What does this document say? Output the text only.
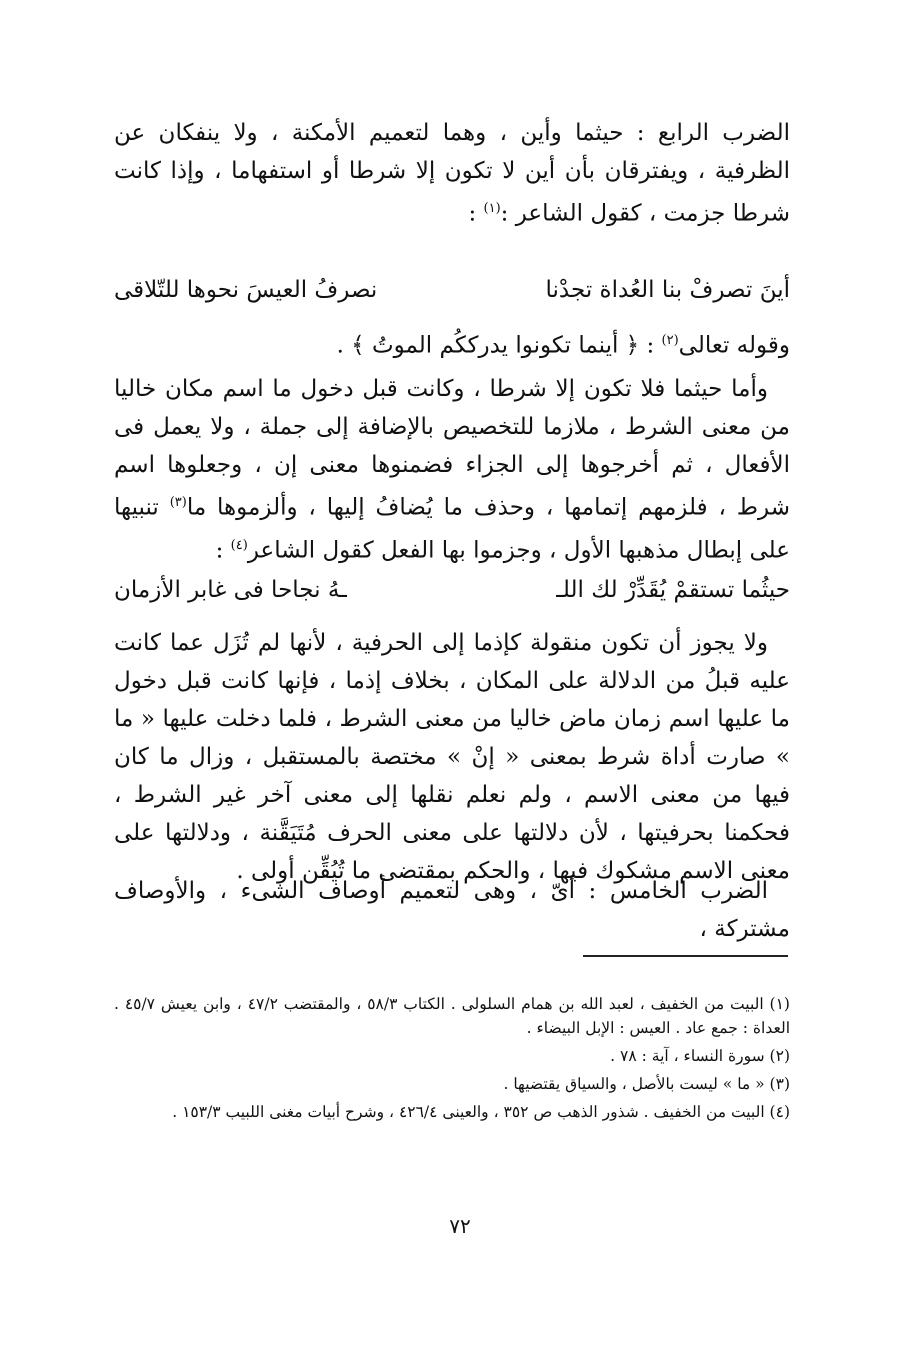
الضرب الرابع : حيثما وأين ، وهما لتعميم الأمكنة ، ولا ينفكان عن الظرفية ، ويفترقان بأن أين لا تكون إلا شرطا أو استفهاما ، وإذا كانت شرطا جزمت ، كقول الشاعر :$^{(١)}$ :

أينَ تصرفْ بنا العُداة تجدْنا
نصرفُ العيسَ نحوها للتّلاقى

وقوله تعالى$^{(٢)}$ : ﴿ أينما تكونوا يدرككُم الموتُ ﴾ .

وأما حيثما فلا تكون إلا شرطا ، وكانت قبل دخول ما اسم مكان خاليا من معنى الشرط ، ملازما للتخصيص بالإضافة إلى جملة ، ولا يعمل فى الأفعال ، ثم أخرجوها إلى الجزاء فضمنوها معنى إن ، وجعلوها اسم شرط ، فلزمهم إتمامها ، وحذف ما يُضافُ إليها ، وألزموها ما$^{(٣)}$ تنبيها على إبطال مذهبها الأول ، وجزموا بها الفعل كقول الشاعر$^{(٤)}$ :

حيثُما تستقمْ يُقَدِّرْ لك اللـ
ـهُ نجاحا فى غابر الأزمان

ولا يجوز أن تكون منقولة كإذما إلى الحرفية ، لأنها لم تُزَل عما كانت عليه قبلُ من الدلالة على المكان ، بخلاف إذما ، فإنها كانت قبل دخول ما عليها اسم زمان ماض خاليا من معنى الشرط ، فلما دخلت عليها « ما » صارت أداة شرط بمعنى « إنْ » مختصة بالمستقبل ، وزال ما كان فيها من معنى الاسم ، ولم نعلم نقلها إلى معنى آخر غير الشرط ، فحكمنا بحرفيتها ، لأن دلالتها على معنى الحرف مُتَيَقَّنة ، ودلالتها على معنى الاسم مشكوك فيها ، والحكم بمقتضى ما تُيُقِّن أولى .

الضرب الخامس : أىّ ، وهى لتعميم أوصاف الشىء ، والأوصاف مشتركة ،

(١) البيت من الخفيف ، لعبد الله بن همام السلولى . الكتاب ٥٨/٣ ، والمقتضب ٤٧/٢ ، وابن يعيش ٤٥/٧ . العداة : جمع عاد . العيس : الإبل البيضاء .

(٢) سورة النساء ، آية : ٧٨ .

(٣) « ما » ليست بالأصل ، والسياق يقتضيها .

(٤) البيت من الخفيف . شذور الذهب ص ٣٥٢ ، والعينى ٤٢٦/٤ ، وشرح أبيات مغنى اللبيب ١٥٣/٣ .

٧٢
